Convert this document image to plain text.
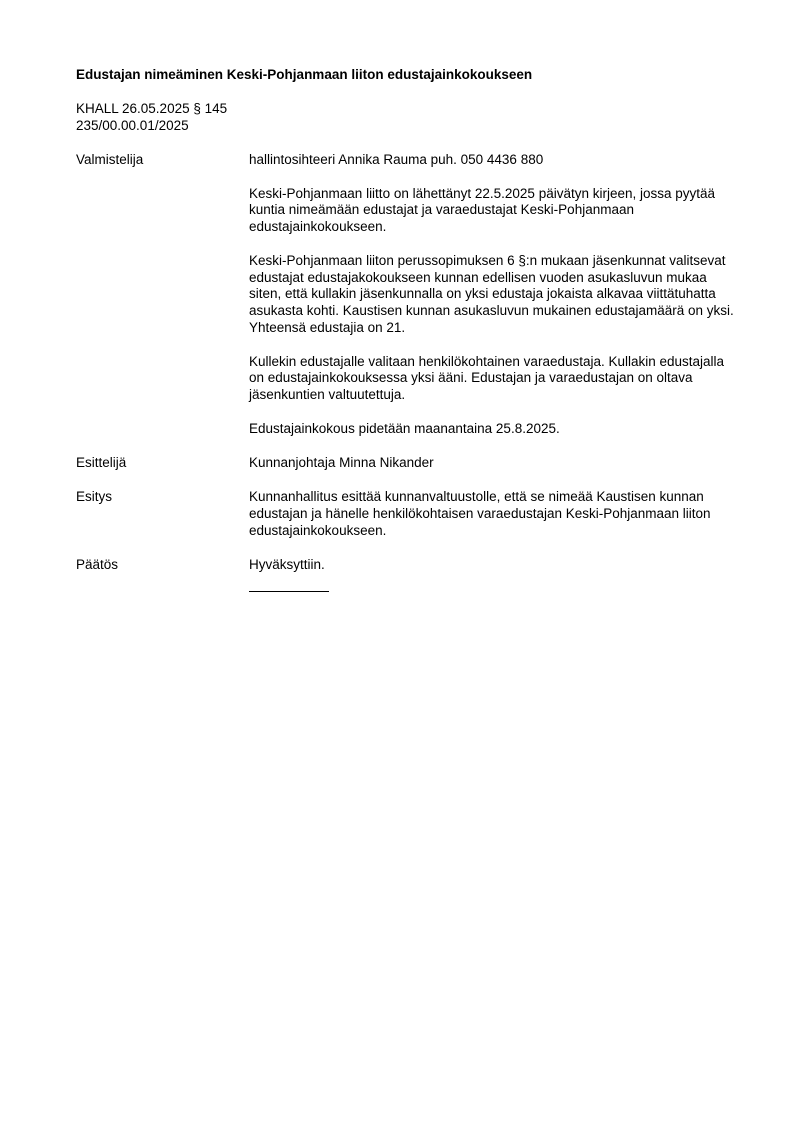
Edustajan nimeäminen Keski-Pohjanmaan liiton edustajainkokoukseen
KHALL 26.05.2025 § 145
235/00.00.01/2025
Valmistelija	hallintosihteeri Annika Rauma puh. 050 4436 880

Keski-Pohjanmaan liitto on lähettänyt 22.5.2025 päivätyn kirjeen, jossa pyytää kuntia nimeämään edustajat ja varaedustajat Keski-Pohjanmaan edustajainkokoukseen.

Keski-Pohjanmaan liiton perussopimuksen 6 §:n mukaan jäsenkunnat valitsevat edustajat edustajakokoukseen kunnan edellisen vuoden asukasluvun mukaa siten, että kullakin jäsenkunnalla on yksi edustaja jokaista alkavaa viittätuhatta asukasta kohti. Kaustisen kunnan asukasluvun mukainen edustajamäärä on yksi. Yhteensä edustajia on 21.

Kullekin edustajalle valitaan henkilökohtainen varaedustaja. Kullakin edustajalla on edustajainkokouksessa yksi ääni. Edustajan ja varaedustajan on oltava jäsenkuntien valtuutettuja.

Edustajainkokous pidetään maanantaina 25.8.2025.

Esittelijä	Kunnanjohtaja Minna Nikander

Esitys	Kunnanhallitus esittää kunnanvaltuustolle, että se nimeää Kaustisen kunnan edustajan ja hänelle henkilökohtaisen varaedustajan Keski-Pohjanmaan liiton edustajainkokoukseen.

Päätös	Hyväksyttiin.
